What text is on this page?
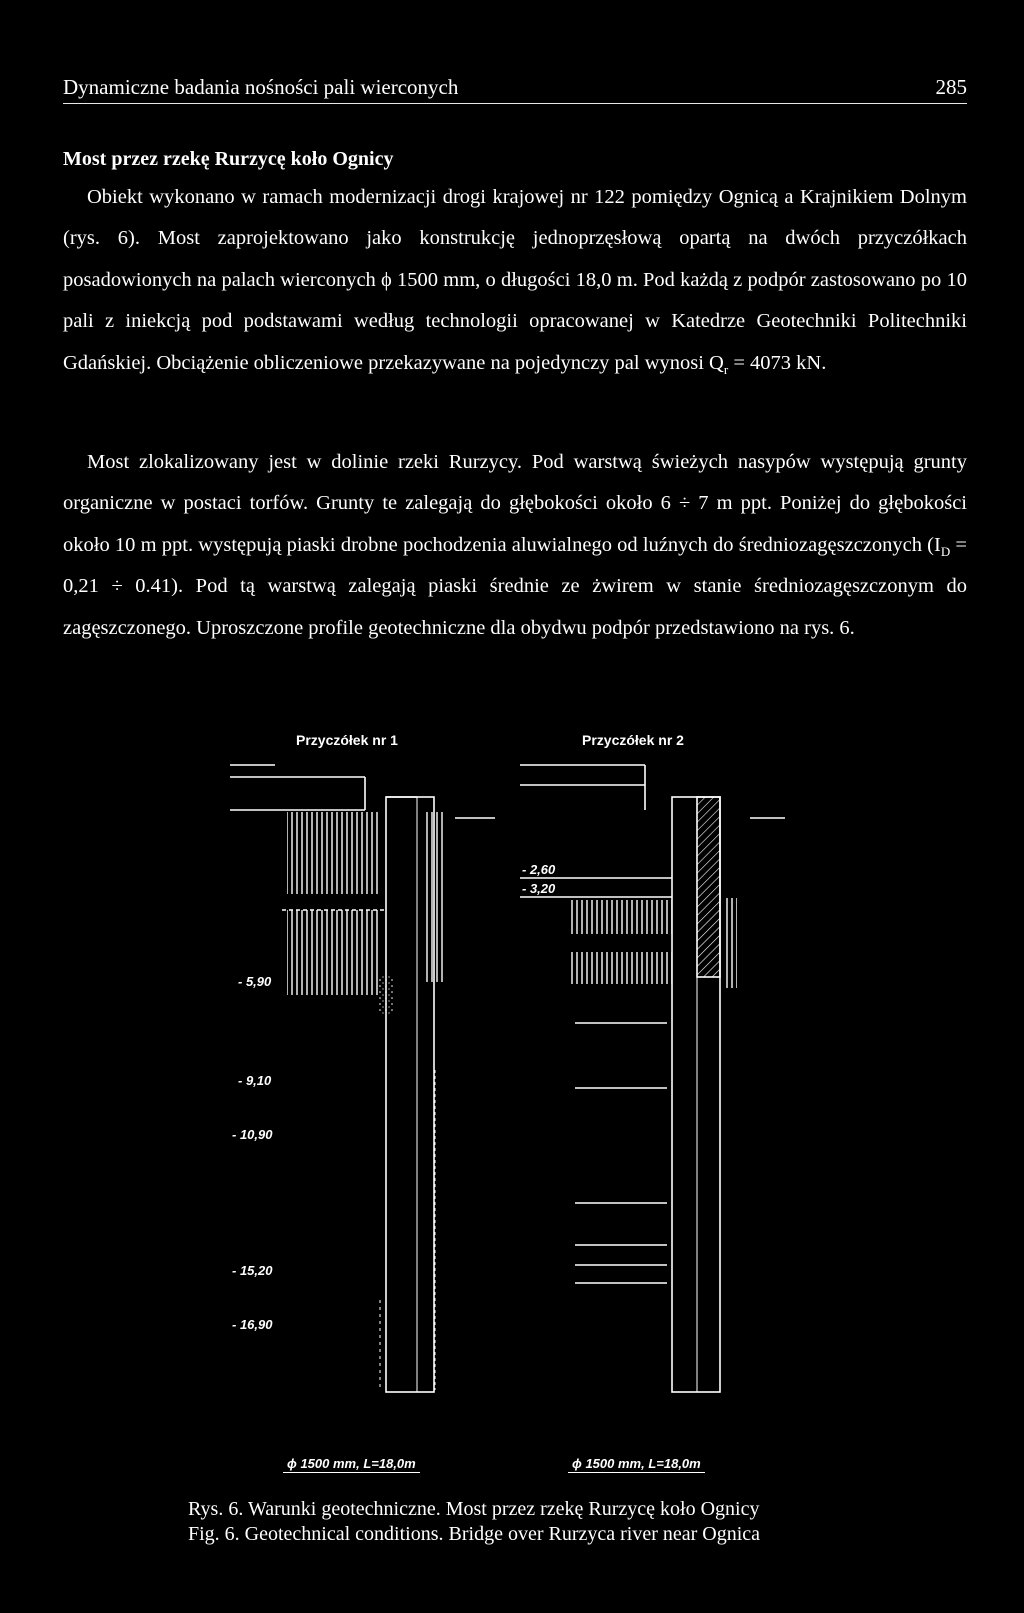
Dynamiczne badania nośności pali wierconych	285
Most przez rzekę Rurzycę koło Ognicy

Obiekt wykonano w ramach modernizacji drogi krajowej nr 122 pomiędzy Ognicą a Krajnikiem Dolnym (rys. 6). Most zaprojektowano jako konstrukcję jednoprzęsłową opartą na dwóch przyczółkach posadowionych na palach wierconych ϕ 1500 mm, o długości 18,0 m. Pod każdą z podpór zastosowano po 10 pali z iniekcją pod podstawami według technologii opracowanej w Katedrze Geotechniki Politechniki Gdańskiej. Obciążenie obliczeniowe przekazywane na pojedynczy pal wynosi $Q_r = 4073$ kN.

Most zlokalizowany jest w dolinie rzeki Rurzycy. Pod warstwą świeżych nasypów występują grunty organiczne w postaci torfów. Grunty te zalegają do głębokości około 6 ÷ 7 m ppt. Poniżej do głębokości około 10 m ppt. występują piaski drobne pochodzenia aluwialnego od luźnych do średniozagęszczonych $(I_D = 0,21 \div 0.41)$. Pod tą warstwą zalegają piaski średnie ze żwirem w stanie średniozagęszczonym do zagęszczonego. Uproszczone profile geotechniczne dla obydwu podpór przedstawiono na rys. 6.

Przyczółek nr 1	Przyczółek nr 2
- 5,90
- 9,10
- 10,90
- 15,20
- 16,90
- 2,60
- 3,20
ϕ 1500 mm, L=18,0m	ϕ 1500 mm, L=18,0m
Rys. 6. Warunki geotechniczne. Most przez rzekę Rurzycę koło Ognicy
Fig. 6. Geotechnical conditions. Bridge over Rurzyca river near Ognica
